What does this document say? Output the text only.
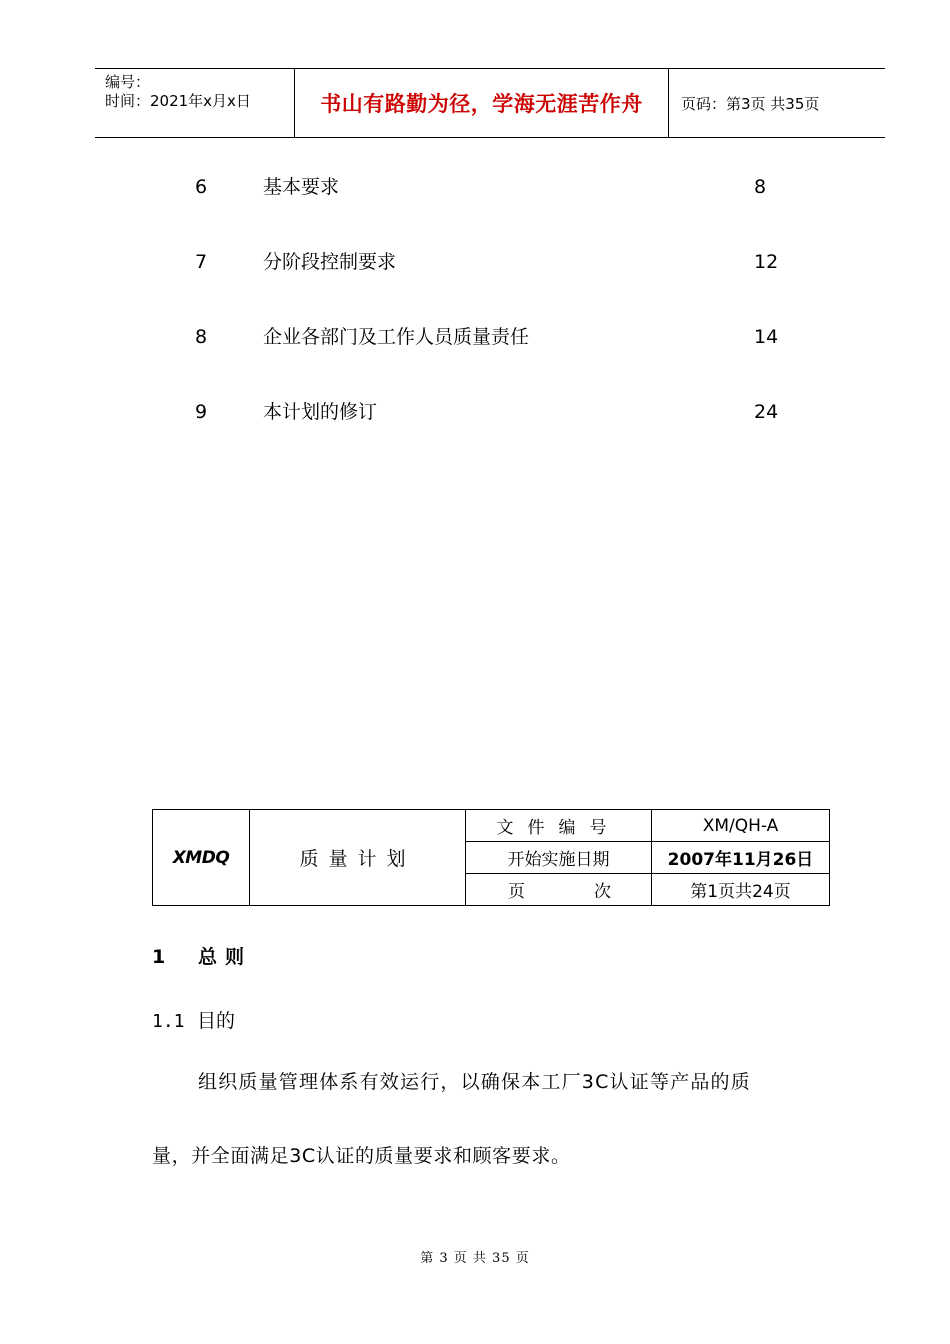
编号：
时间：2021年x月x日	书山有路勤为径，学海无涯苦作舟	页码：第3页 共35页
6	基本要求	8
7	分阶段控制要求	12
8	企业各部门及工作人员质量责任	14
9	本计划的修订	24
XMDQ	质量计划	文件编号	XM/QH-A
		开始实施日期	2007年11月26日

		页 次	第1页共24页
1 总则
1.1 目的
组织质量管理体系有效运行，以确保本工厂3C认证等产品的质
量，并全面满足3C认证的质量要求和顾客要求。
第 3 页 共 35 页
